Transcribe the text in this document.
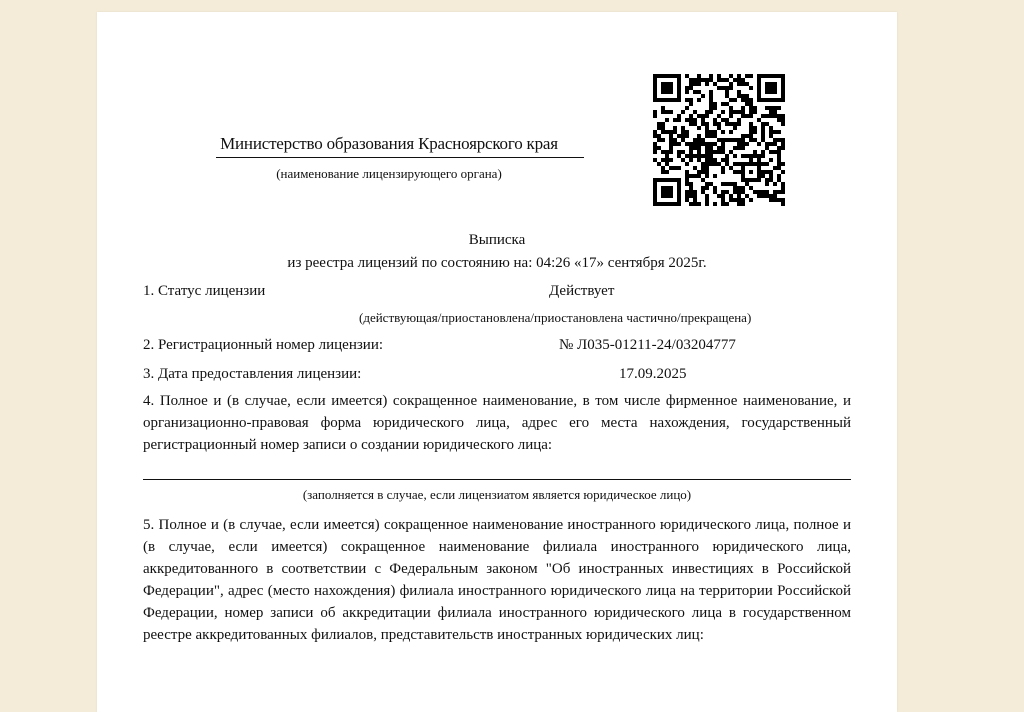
Министерство образования Красноярского края
(наименование лицензирующего органа)
Выписка
из реестра лицензий по состоянию на: 04:26 «17» сентября 2025г.
1. Статус лицензии	Действует
(действующая/приостановлена/приостановлена частично/прекращена)
2. Регистрационный номер лицензии:	№ Л035-01211-24/03204777
3. Дата предоставления лицензии:	17.09.2025

4. Полное и (в случае, если имеется) сокращенное наименование, в том числе фирменное наименование, и организационно-правовая форма юридического лица, адрес его места нахождения, государственный регистрационный номер записи о создании юридического лица:

(заполняется в случае, если лицензиатом является юридическое лицо)

5. Полное и (в случае, если имеется) сокращенное наименование иностранного юридического лица, полное и (в случае, если имеется) сокращенное наименование филиала иностранного юридического лица, аккредитованного в соответствии с Федеральным законом "Об иностранных инвестициях в Российской Федерации", адрес (место нахождения) филиала иностранного юридического лица на территории Российской Федерации, номер записи об аккредитации филиала иностранного юридического лица в государственном реестре аккредитованных филиалов, представительств иностранных юридических лиц:
